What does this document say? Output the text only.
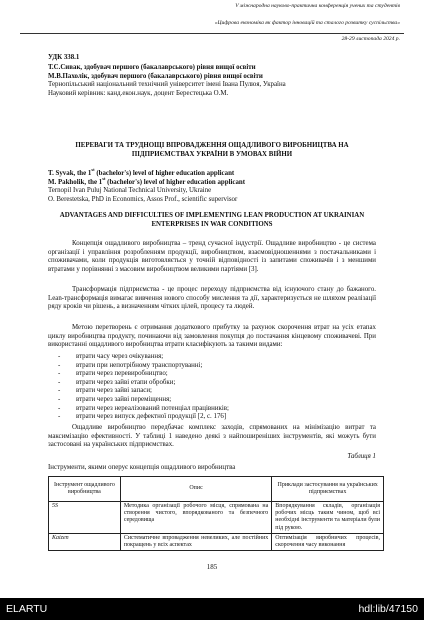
V міжнародна науково-практична конференція учених та студентів
«Цифрова економіка як фактор інновацій та сталого розвитку суспільства»
28-29 листопада 2024 р.
УДК 338.1
Т.С.Сивак, здобувач першого (бакалаврського) рівня вищої освіти
М.В.Пахолік, здобувач першого (бакалаврського) рівня вищої освіти
Тернопільський національний технічний університет імені Івана Пулюя, Україна
Науковий керівник: канд.екон.наук, доцент Берестецька О.М.
ПЕРЕВАГИ ТА ТРУДНОЩІ ВПРОВАДЖЕННЯ ОЩАДЛИВОГО ВИРОБНИЦТВА НА ПІДПРИЄМСТВАХ УКРАЇНИ В УМОВАХ ВІЙНИ
T. Syvak, the 1st (bachelor's) level of higher education applicant
M. Pakholik, the 1st (bachelor's) level of higher education applicant
Ternopil Ivan Puluj National Technical University, Ukraine
O. Berestetska, PhD in Economics, Assos Prof., scientific supervisor
ADVANTAGES AND DIFFICULTIES OF IMPLEMENTING LEAN PRODUCTION AT UKRAINIAN ENTERPRISES IN WAR CONDITIONS
Концепція ощадливого виробництва – тренд сучасної індустрії. Ощадливе виробництво - це система організації і управління розробленням продукції, виробництвом, взаємовідношеннями з постачальниками і споживачами, коли продукція виготовляється у точній відповідності із запитами споживачів і з меншими втратами у порівнянні з масовим виробництвом великими партіями [3].
Трансформація підприємства - це процес переходу підприємства від існуючого стану до бажаного. Lean-трансформація вимагає вивчення нового способу мислення та дії, характеризується не шляхом реалізації ряду кроків чи рішень, а визначенням чітких цілей, процесу та людей.
Метою перетворень є отримання додаткового прибутку за рахунок скорочення втрат на усіх етапах циклу виробництва продукту, починаючи від замовлення покупця до постачання кінцевому споживачеві. При використанні ощадливого виробництва втрати класифікують за такими видами:
- втрати часу через очікування;
- втрати при непотрібному транспортуванні;
- втрати через перевиробництво;
- втрати через зайві етапи обробки;
- втрати через зайві запаси;
- втрати через зайві переміщення;
- втрати через нереалізований потенціал працівників;
- втрати через випуск дефектної продукції [2, с. 176]
Ощадливе виробництво передбачає комплекс заходів, спрямованих на мінімізацію витрат та максимізацію ефективності. У таблиці 1 наведено деякі з найпоширеніших інструментів, які можуть бути застосовані на українських підприємствах.
Таблиця 1
Інструменти, якими оперує концепція ощадливого виробництва
Інструмент ощадливого виробництва	Опис	Приклади застосування на українських підприємствах
5S	Методика організації робочого місця, спрямована на створення чистого, впорядкованого та безпечного середовища	Впорядкування складів, організація робочих місць таким чином, щоб всі необхідні інструменти та матеріали були під рукою.
Kaizen	Систематичне впровадження невеликих, але постійних покращень у всіх аспектах	Оптимізація виробничих процесів, скорочення часу виконання
185
ELARTU	hdl:lib/47150
